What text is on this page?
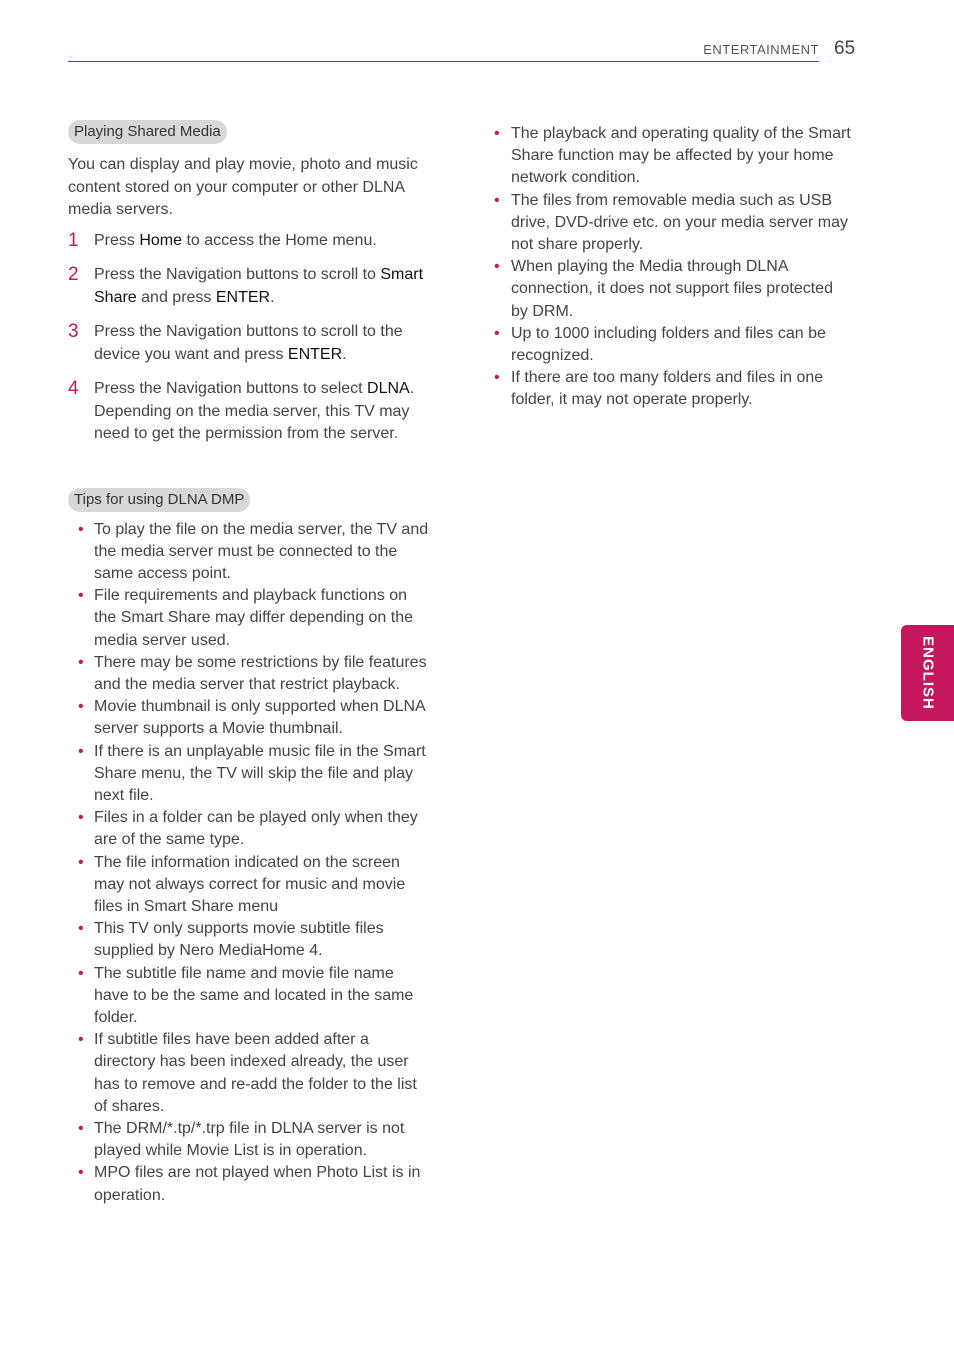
ENTERTAINMENT 65
ENGLISH
Playing Shared Media

You can display and play movie, photo and music content stored on your computer or other DLNA media servers.

1 Press Home to access the Home menu.
2 Press the Navigation buttons to scroll to Smart Share and press ENTER.
3 Press the Navigation buttons to scroll to the device you want and press ENTER.
4 Press the Navigation buttons to select DLNA. Depending on the media server, this TV may need to get the permission from the server.
Tips for using DLNA DMP
•
To play the file on the media server, the TV and the media server must be connected to the same access point.
•
File requirements and playback functions on the Smart Share may differ depending on the media server used.
•
There may be some restrictions by file features and the media server that restrict playback.
•
Movie thumbnail is only supported when DLNA server supports a Movie thumbnail.
•
If there is an unplayable music file in the Smart Share menu, the TV will skip the file and play next file.
•
Files in a folder can be played only when they are of the same type.
•
The file information indicated on the screen may not always correct for music and movie files in Smart Share menu
•
This TV only supports movie subtitle files supplied by Nero MediaHome 4.
•
The subtitle file name and movie file name have to be the same and located in the same folder.
•
If subtitle files have been added after a directory has been indexed already, the user has to remove and re-add the folder to the list of shares.
•
The DRM/*.tp/*.trp file in DLNA server is not played while Movie List is in operation.
•
MPO files are not played when Photo List is in operation.
•
The playback and operating quality of the Smart Share function may be affected by your home network condition.
•
The files from removable media such as USB drive, DVD-drive etc. on your media server may not share properly.
•
When playing the Media through DLNA connection, it does not support files protected by DRM.
•
Up to 1000 including folders and files can be recognized.
•
If there are too many folders and files in one folder, it may not operate properly.
